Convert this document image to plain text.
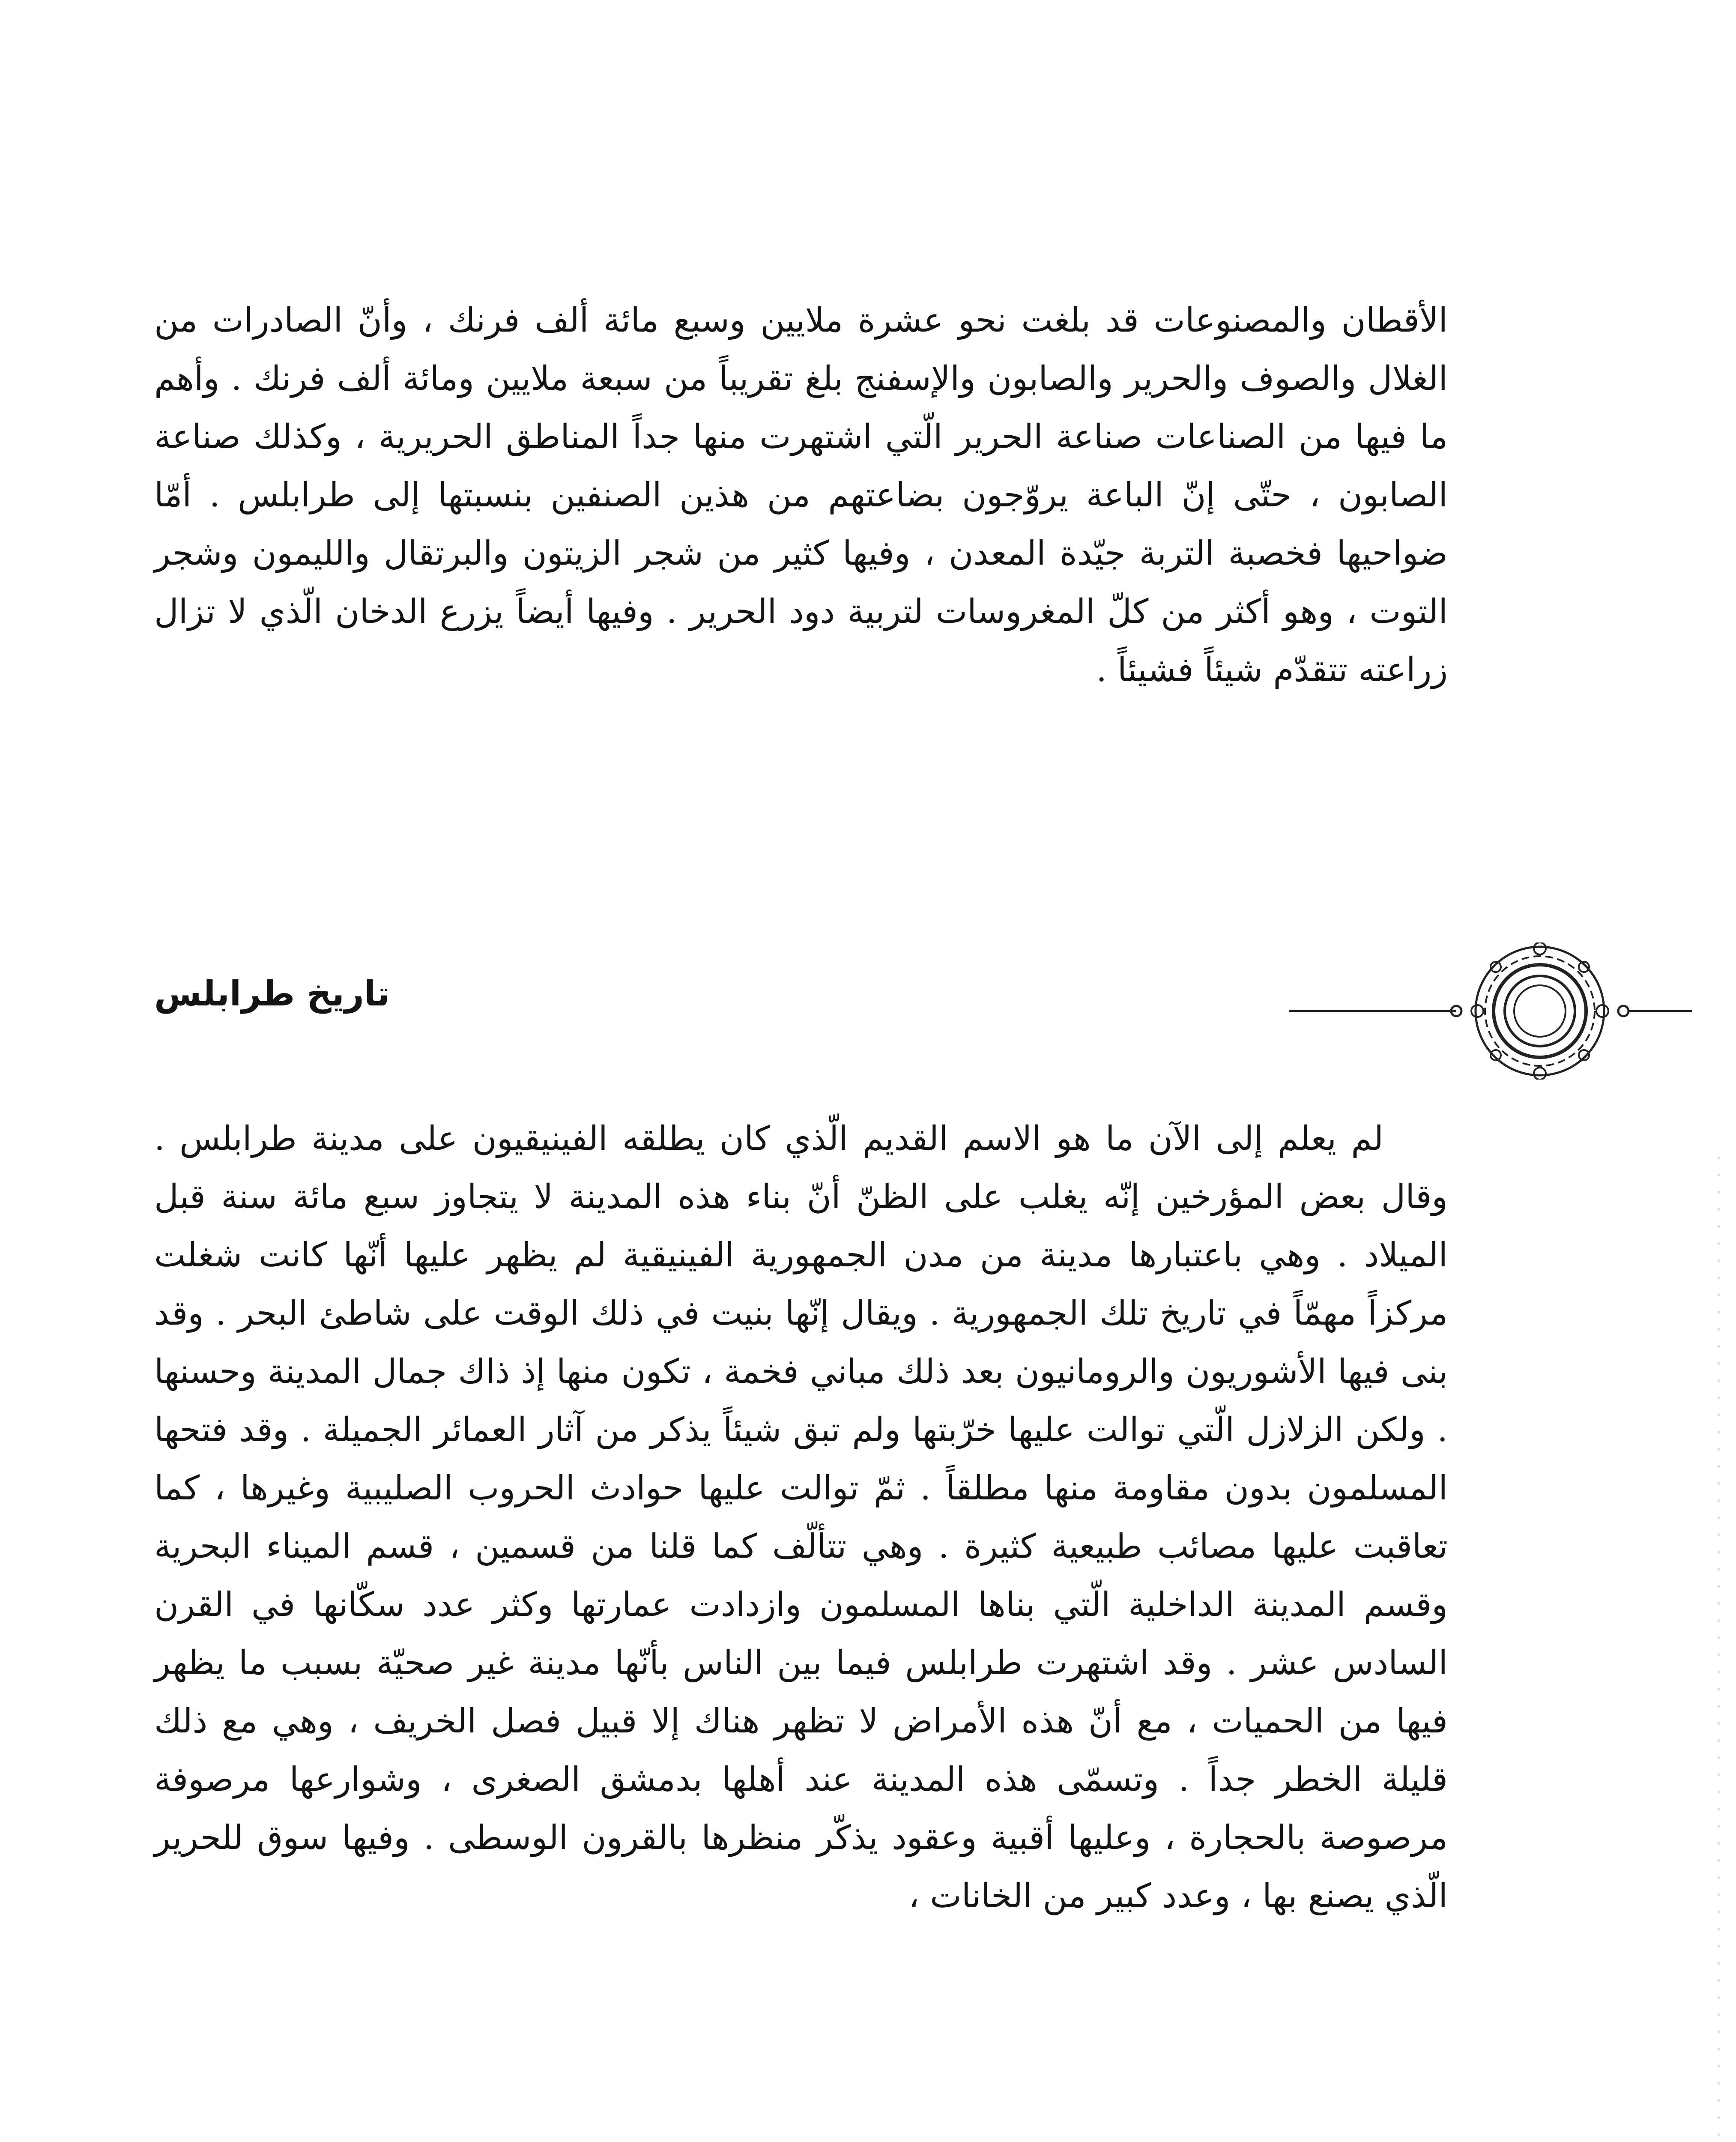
الأقطان والمصنوعات قد بلغت نحو عشرة ملايين وسبع مائة ألف فرنك ، وأنّ الصادرات من الغلال والصوف والحرير والصابون والإسفنج بلغ تقريباً من سبعة ملايين ومائة ألف فرنك . وأهم ما فيها من الصناعات صناعة الحرير الّتي اشتهرت منها جداً المناطق الحريرية ، وكذلك صناعة الصابون ، حتّى إنّ الباعة يروّجون بضاعتهم من هذين الصنفين بنسبتها إلى طرابلس . أمّا ضواحيها فخصبة التربة جيّدة المعدن ، وفيها كثير من شجر الزيتون والبرتقال والليمون وشجر التوت ، وهو أكثر من كلّ المغروسات لتربية دود الحرير . وفيها أيضاً يزرع الدخان الّذي لا تزال زراعته تتقدّم شيئاً فشيئاً .

تاريخ طرابلس

لم يعلم إلى الآن ما هو الاسم القديم الّذي كان يطلقه الفينيقيون على مدينة طرابلس . وقال بعض المؤرخين إنّه يغلب على الظنّ أنّ بناء هذه المدينة لا يتجاوز سبع مائة سنة قبل الميلاد . وهي باعتبارها مدينة من مدن الجمهورية الفينيقية لم يظهر عليها أنّها كانت شغلت مركزاً مهمّاً في تاريخ تلك الجمهورية . ويقال إنّها بنيت في ذلك الوقت على شاطئ البحر . وقد بنى فيها الأشوريون والرومانيون بعد ذلك مباني فخمة ، تكون منها إذ ذاك جمال المدينة وحسنها . ولكن الزلازل الّتي توالت عليها خرّبتها ولم تبق شيئاً يذكر من آثار العمائر الجميلة . وقد فتحها المسلمون بدون مقاومة منها مطلقاً . ثمّ توالت عليها حوادث الحروب الصليبية وغيرها ، كما تعاقبت عليها مصائب طبيعية كثيرة . وهي تتألّف كما قلنا من قسمين ، قسم الميناء البحرية وقسم المدينة الداخلية الّتي بناها المسلمون وازدادت عمارتها وكثر عدد سكّانها في القرن السادس عشر . وقد اشتهرت طرابلس فيما بين الناس بأنّها مدينة غير صحيّة بسبب ما يظهر فيها من الحميات ، مع أنّ هذه الأمراض لا تظهر هناك إلا قبيل فصل الخريف ، وهي مع ذلك قليلة الخطر جداً . وتسمّى هذه المدينة عند أهلها بدمشق الصغرى ، وشوارعها مرصوفة مرصوصة بالحجارة ، وعليها أقبية وعقود يذكّر منظرها بالقرون الوسطى . وفيها سوق للحرير الّذي يصنع بها ، وعدد كبير من الخانات ،
